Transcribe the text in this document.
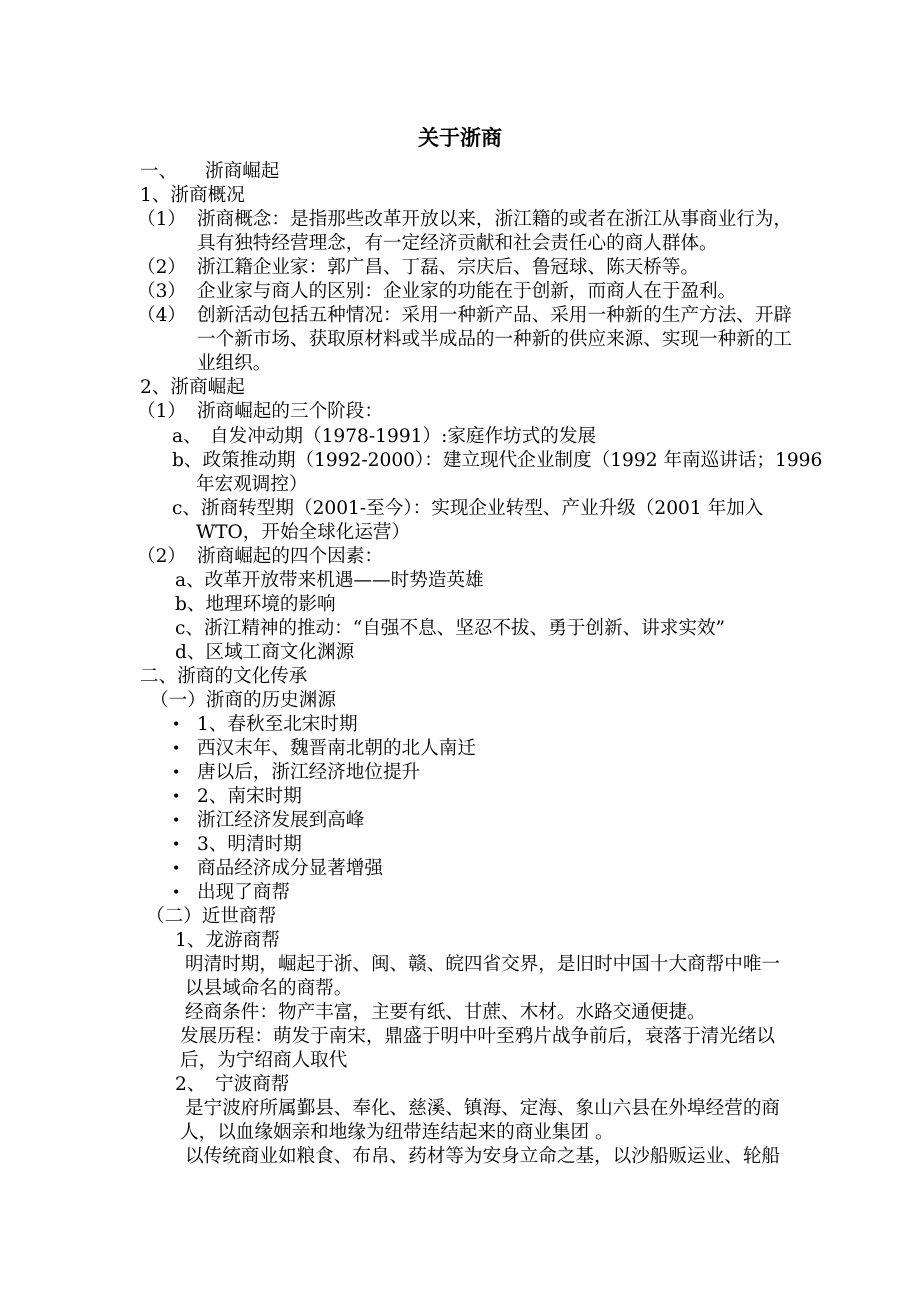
关于浙商
一、 浙商崛起
1、浙商概况
（1） 浙商概念：是指那些改革开放以来，浙江籍的或者在浙江从事商业行为，
具有独特经营理念，有一定经济贡献和社会责任心的商人群体。
（2） 浙江籍企业家：郭广昌、丁磊、宗庆后、鲁冠球、陈天桥等。
（3） 企业家与商人的区别：企业家的功能在于创新，而商人在于盈利。
（4） 创新活动包括五种情况：采用一种新产品、采用一种新的生产方法、开辟
一个新市场、获取原材料或半成品的一种新的供应来源、实现一种新的工
业组织。
2、浙商崛起
（1） 浙商崛起的三个阶段：
a、 自发冲动期（1978-1991）:家庭作坊式的发展
b、政策推动期（1992-2000）：建立现代企业制度（1992 年南巡讲话；1996
年宏观调控）
c、浙商转型期（2001-至今）：实现企业转型、产业升级（2001 年加入
WTO，开始全球化运营）
（2） 浙商崛起的四个因素：
a、改革开放带来机遇——时势造英雄
b、地理环境的影响
c、浙江精神的推动：“自强不息、坚忍不拔、勇于创新、讲求实效”
d、区域工商文化渊源
二、浙商的文化传承
（一）浙商的历史渊源
• 1、春秋至北宋时期
• 西汉末年、魏晋南北朝的北人南迁
• 唐以后，浙江经济地位提升
• 2、南宋时期
• 浙江经济发展到高峰
• 3、明清时期
• 商品经济成分显著增强
• 出现了商帮
（二）近世商帮
1、龙游商帮
明清时期，崛起于浙、闽、赣、皖四省交界，是旧时中国十大商帮中唯一
以县域命名的商帮。
经商条件：物产丰富，主要有纸、甘蔗、木材。水路交通便捷。
发展历程：萌发于南宋，鼎盛于明中叶至鸦片战争前后，衰落于清光绪以
后，为宁绍商人取代
2、 宁波商帮
是宁波府所属鄞县、奉化、慈溪、镇海、定海、象山六县在外埠经营的商
人，以血缘姻亲和地缘为纽带连结起来的商业集团 。
以传统商业如粮食、布帛、药材等为安身立命之基，以沙船贩运业、轮船
